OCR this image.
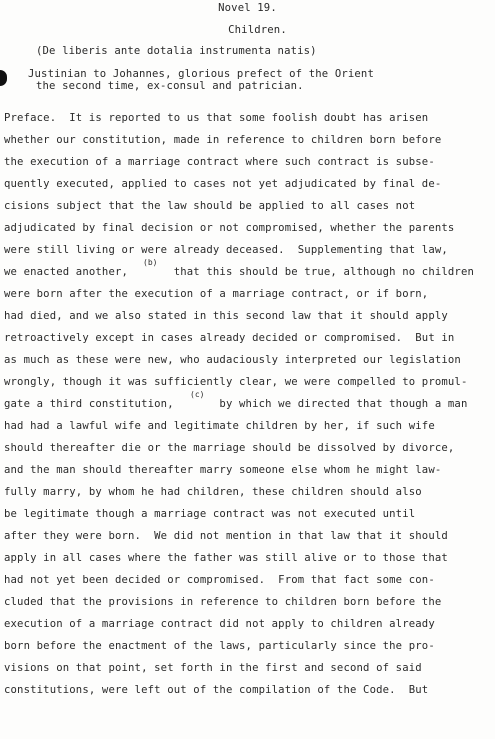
Novel 19.
Children.
(De liberis ante dotalia instrumenta natis)
Justinian to Johannes, glorious prefect of the Orient
the second time, ex-consul and patrician.
Preface.  It is reported to us that some foolish doubt has arisen
whether our constitution, made in reference to children born before
the execution of a marriage contract where such contract is subse-
quently executed, applied to cases not yet adjudicated by final de-
cisions subject that the law should be applied to all cases not
adjudicated by final decision or not compromised, whether the parents
were still living or were already deceased.  Supplementing that law,
we enacted another,       that this should be true, although no children
were born after the execution of a marriage contract, or if born,
had died, and we also stated in this second law that it should apply
retroactively except in cases already decided or compromised.  But in
as much as these were new, who audaciously interpreted our legislation
wrongly, though it was sufficiently clear, we were compelled to promul-
gate a third constitution,       by which we directed that though a man
had had a lawful wife and legitimate children by her, if such wife
should thereafter die or the marriage should be dissolved by divorce,
and the man should thereafter marry someone else whom he might law-
fully marry, by whom he had children, these children should also
be legitimate though a marriage contract was not executed until
after they were born.  We did not mention in that law that it should
apply in all cases where the father was still alive or to those that
had not yet been decided or compromised.  From that fact some con-
cluded that the provisions in reference to children born before the
execution of a marriage contract did not apply to children already
born before the enactment of the laws, particularly since the pro-
visions on that point, set forth in the first and second of said
constitutions, were left out of the compilation of the Code.  But
(b)
(c)
